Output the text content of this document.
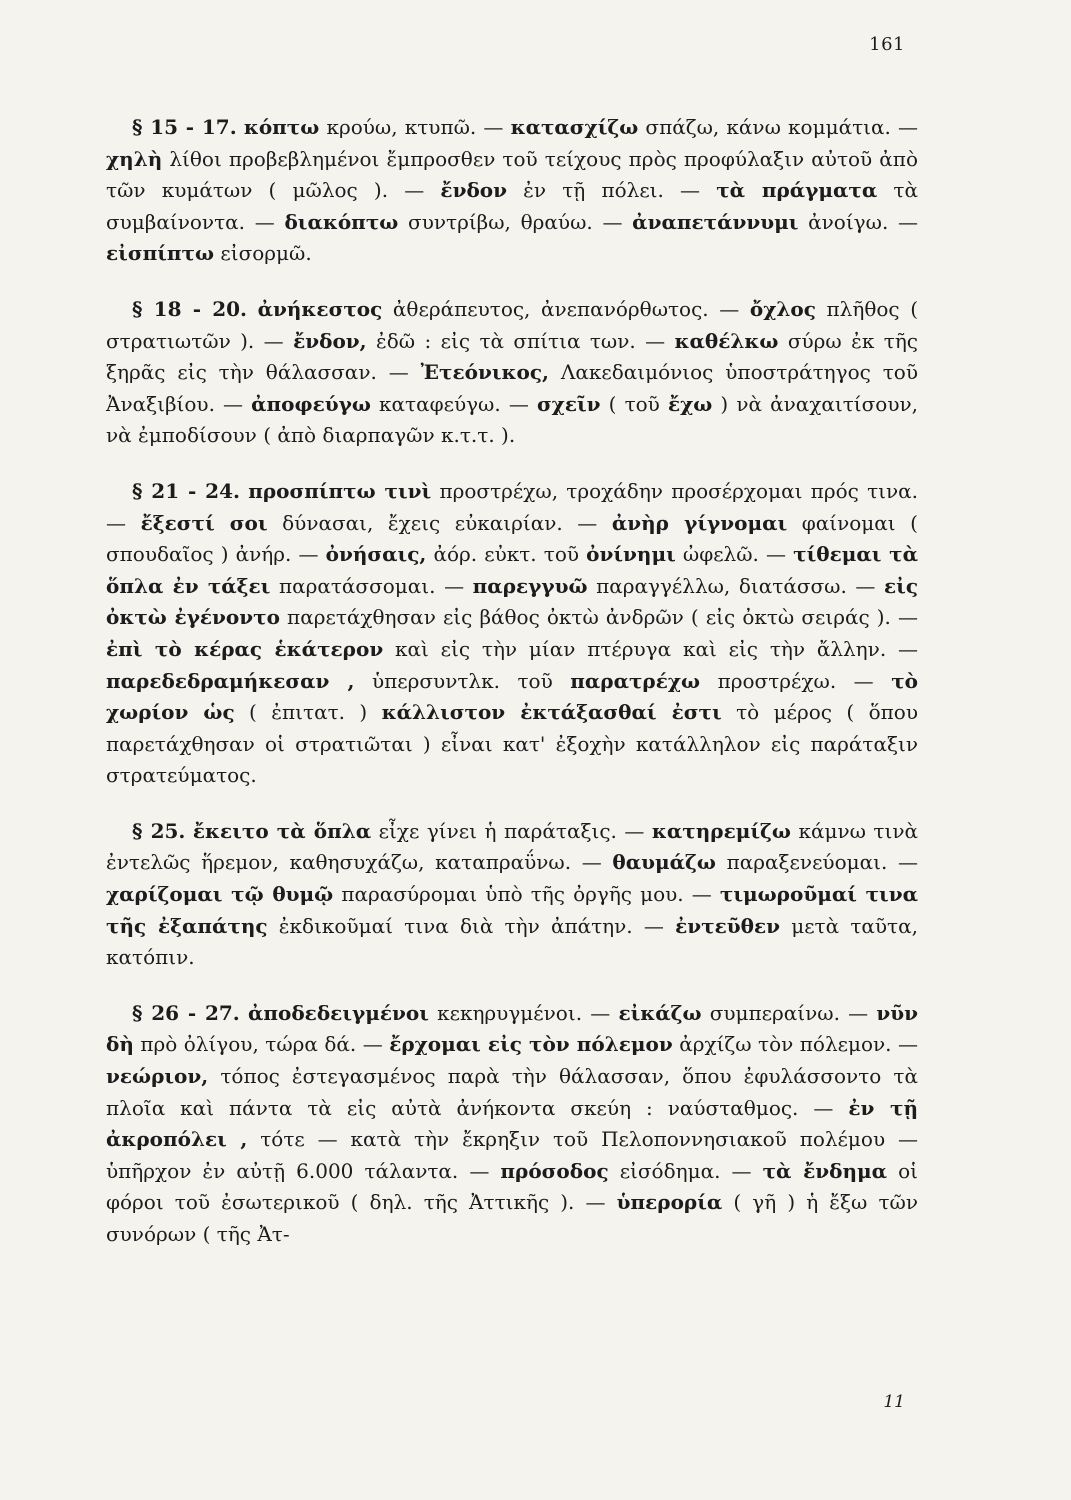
161

§ 15 - 17. κόπτω κρούω, κτυπῶ. — κατασχίζω σπάζω, κάνω κομμάτια. — χηλὴ λίθοι προβεβλημένοι ἔμπροσθεν τοῦ τείχους πρὸς προφύλαξιν αὐτοῦ ἀπὸ τῶν κυμάτων ( μῶλος ). — ἔνδον ἐν τῇ πόλει. — τὰ πράγματα τὰ συμβαίνοντα. — διακόπτω συντρίβω, θραύω. — ἀναπετάννυμι ἀνοίγω. — εἰσπίπτω εἰσορμῶ.

§ 18 - 20. ἀνήκεστος ἀθεράπευτος, ἀνεπανόρθωτος. — ὄχλος πλῆθος ( στρατιωτῶν ). — ἔνδον, ἐδῶ : εἰς τὰ σπίτια των. — καθέλκω σύρω ἐκ τῆς ξηρᾶς εἰς τὴν θάλασσαν. — Ἐτεόνικος, Λακεδαιμόνιος ὑποστράτηγος τοῦ Ἀναξιβίου. — ἀποφεύγω καταφεύγω. — σχεῖν ( τοῦ ἔχω ) νὰ ἀναχαιτίσουν, νὰ ἐμποδίσουν ( ἀπὸ διαρπαγῶν κ.τ.τ. ).

§ 21 - 24. προσπίπτω τινὶ προστρέχω, τροχάδην προσέρχομαι πρός τινα. — ἔξεστί σοι δύνασαι, ἔχεις εὐκαιρίαν. — ἀνὴρ γίγνομαι φαίνομαι ( σπουδαῖος ) ἀνήρ. — ὀνήσαις, ἀόρ. εὐκτ. τοῦ ὀνίνημι ὠφελῶ. — τίθεμαι τὰ ὅπλα ἐν τάξει παρατάσσομαι. — παρεγγυῶ παραγγέλλω, διατάσσω. — εἰς ὀκτὼ ἐγένοντο παρετάχθησαν εἰς βάθος ὀκτὼ ἀνδρῶν ( εἰς ὀκτὼ σειράς ). — ἐπὶ τὸ κέρας ἑκάτερον καὶ εἰς τὴν μίαν πτέρυγα καὶ εἰς τὴν ἄλλην. — παρεδεδραμήκεσαν , ὑπερσυντλκ. τοῦ παρατρέχω προστρέχω. — τὸ χωρίον ὡς ( ἐπιτατ. ) κάλλιστον ἐκτάξασθαί ἐστι τὸ μέρος ( ὅπου παρετάχθησαν οἱ στρατιῶται ) εἶναι κατ' ἐξοχὴν κατάλληλον εἰς παράταξιν στρατεύματος.

§ 25. ἔκειτο τὰ ὅπλα εἶχε γίνει ἡ παράταξις. — κατηρεμίζω κάμνω τινὰ ἐντελῶς ἥρεμον, καθησυχάζω, καταπραΰνω. — θαυμάζω παραξενεύομαι. — χαρίζομαι τῷ θυμῷ παρασύρομαι ὑπὸ τῆς ὀργῆς μου. — τιμωροῦμαί τινα τῆς ἐξαπάτης ἐκδικοῦμαί τινα διὰ τὴν ἀπάτην. — ἐντεῦθεν μετὰ ταῦτα, κατόπιν.

§ 26 - 27. ἀποδεδειγμένοι κεκηρυγμένοι. — εἰκάζω συμπεραίνω. — νῦν δὴ πρὸ ὀλίγου, τώρα δά. — ἔρχομαι εἰς τὸν πόλεμον ἀρχίζω τὸν πόλεμον. — νεώριον, τόπος ἐστεγασμένος παρὰ τὴν θάλασσαν, ὅπου ἐφυλάσσοντο τὰ πλοῖα καὶ πάντα τὰ εἰς αὐτὰ ἀνήκοντα σκεύη : ναύσταθμος. — ἐν τῇ ἀκροπόλει , τότε — κατὰ τὴν ἔκρηξιν τοῦ Πελοποννησιακοῦ πολέμου — ὑπῆρχον ἐν αὐτῇ 6.000 τάλαντα. — πρόσοδος εἰσόδημα. — τὰ ἔνδημα οἱ φόροι τοῦ ἐσωτερικοῦ ( δηλ. τῆς Ἀττικῆς ). — ὑπερορία ( γῆ ) ἡ ἔξω τῶν συνόρων ( τῆς Ἀτ-

11
